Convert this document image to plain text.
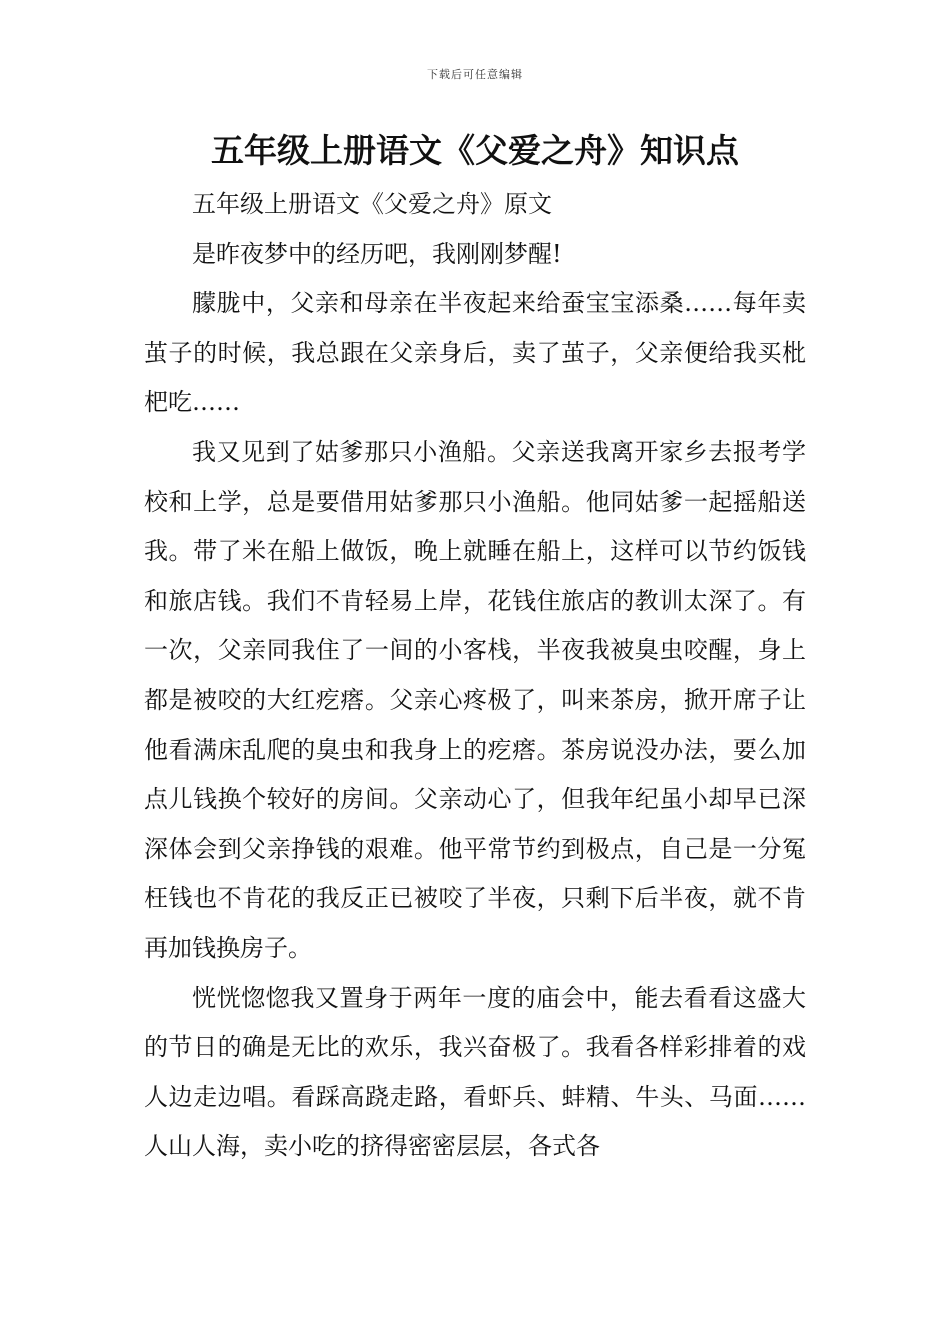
下载后可任意编辑
五年级上册语文《父爱之舟》知识点

五年级上册语文《父爱之舟》原文

是昨夜梦中的经历吧，我刚刚梦醒!

朦胧中，父亲和母亲在半夜起来给蚕宝宝添桑……每年卖茧子的时候，我总跟在父亲身后，卖了茧子，父亲便给我买枇杷吃……

我又见到了姑爹那只小渔船。父亲送我离开家乡去报考学校和上学，总是要借用姑爹那只小渔船。他同姑爹一起摇船送我。带了米在船上做饭，晚上就睡在船上，这样可以节约饭钱和旅店钱。我们不肯轻易上岸，花钱住旅店的教训太深了。有一次，父亲同我住了一间的小客栈，半夜我被臭虫咬醒，身上都是被咬的大红疙瘩。父亲心疼极了，叫来茶房，掀开席子让他看满床乱爬的臭虫和我身上的疙瘩。茶房说没办法，要么加点儿钱换个较好的房间。父亲动心了，但我年纪虽小却早已深深体会到父亲挣钱的艰难。他平常节约到极点，自己是一分冤枉钱也不肯花的我反正已被咬了半夜，只剩下后半夜，就不肯再加钱换房子。

恍恍惚惚我又置身于两年一度的庙会中，能去看看这盛大的节日的确是无比的欢乐，我兴奋极了。我看各样彩排着的戏人边走边唱。看踩高跷走路，看虾兵、蚌精、牛头、马面……人山人海，卖小吃的挤得密密层层，各式各
